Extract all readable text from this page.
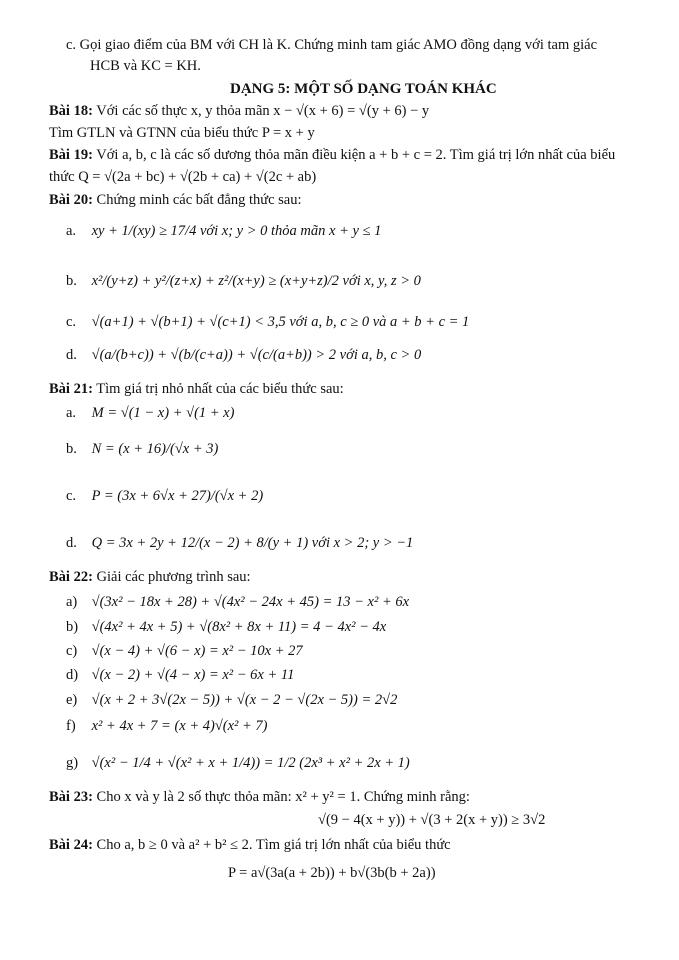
c. Gọi giao điểm của BM với CH là K. Chứng minh tam giác AMO đồng dạng với tam giác
HCB và KC = KH.
DẠNG 5: MỘT SỐ DẠNG TOÁN KHÁC
Bài 18: Với các số thực x, y thỏa mãn x − √(x + 6) = √(y + 6) − y
Tìm GTLN và GTNN của biểu thức P = x + y
Bài 19: Với a, b, c là các số dương thỏa mãn điều kiện a + b + c = 2. Tìm giá trị lớn nhất của biểu
thức Q = √(2a + bc) + √(2b + ca) + √(2c + ab)
Bài 20: Chứng minh các bất đẳng thức sau:
a. xy + 1/(xy) ≥ 17/4 với x; y > 0 thỏa mãn x + y ≤ 1
b. x²/(y+z) + y²/(z+x) + z²/(x+y) ≥ (x+y+z)/2 với x, y, z > 0
c. √(a+1) + √(b+1) + √(c+1) < 3,5 với a, b, c ≥ 0 và a + b + c = 1
d. √(a/(b+c)) + √(b/(c+a)) + √(c/(a+b)) > 2 với a, b, c > 0
Bài 21: Tìm giá trị nhỏ nhất của các biểu thức sau:
a. M = √(1 − x) + √(1 + x)
b. N = (x + 16)/(√x + 3)
c. P = (3x + 6√x + 27)/(√x + 2)
d. Q = 3x + 2y + 12/(x − 2) + 8/(y + 1) với x > 2; y > −1
Bài 22: Giải các phương trình sau:
a) √(3x² − 18x + 28) + √(4x² − 24x + 45) = 13 − x² + 6x
b) √(4x² + 4x + 5) + √(8x² + 8x + 11) = 4 − 4x² − 4x
c) √(x − 4) + √(6 − x) = x² − 10x + 27
d) √(x − 2) + √(4 − x) = x² − 6x + 11
e) √(x + 2 + 3√(2x − 5)) + √(x − 2 − √(2x − 5)) = 2√2
f) x² + 4x + 7 = (x + 4)√(x² + 7)
g) √(x² − 1/4 + √(x² + x + 1/4)) = 1/2 (2x³ + x² + 2x + 1)
Bài 23: Cho x và y là 2 số thực thỏa mãn: x² + y² = 1. Chứng minh rằng:
√(9 − 4(x + y)) + √(3 + 2(x + y)) ≥ 3√2
Bài 24: Cho a, b ≥ 0 và a² + b² ≤ 2. Tìm giá trị lớn nhất của biểu thức
P = a√(3a(a + 2b)) + b√(3b(b + 2a))
